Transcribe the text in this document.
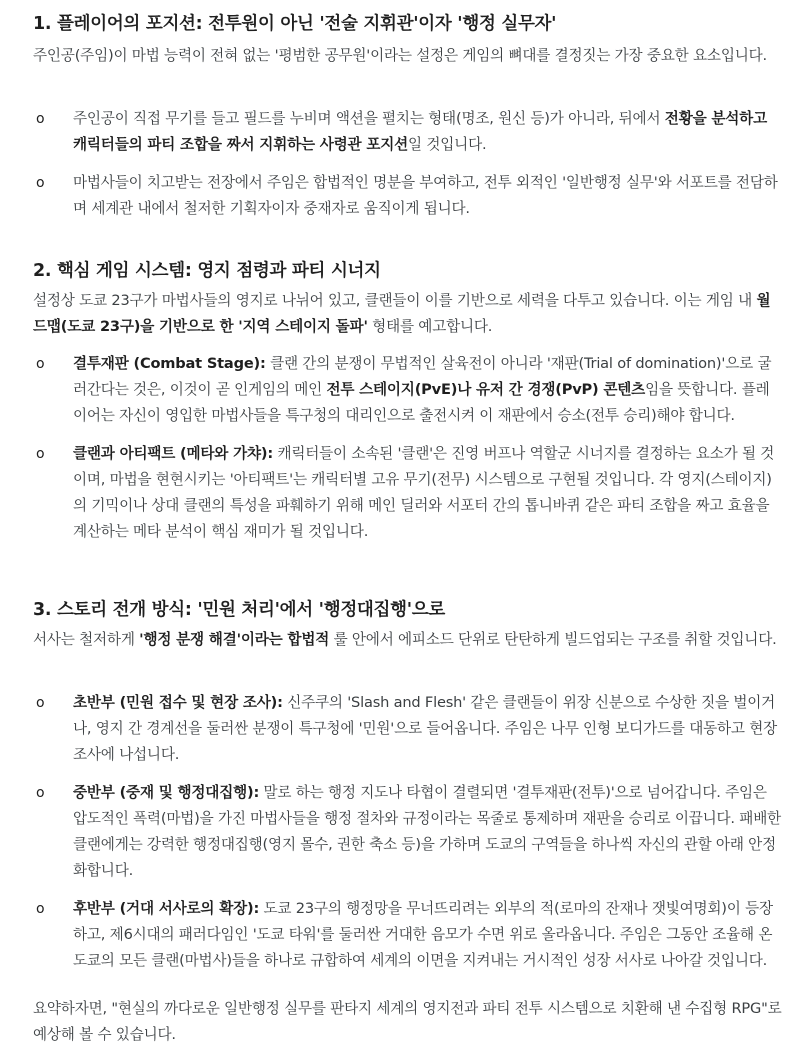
1. 플레이어의 포지션: 전투원이 아닌 '전술 지휘관'이자 '행정 실무자'

주인공(주임)이 마법 능력이 전혀 없는 '평범한 공무원'이라는 설정은 게임의 뼈대를 결정짓는 가장 중요한 요소입니다.

o	주인공이 직접 무기를 들고 필드를 누비며 액션을 펼치는 형태(명조, 원신 등)가 아니라, 뒤에서 전황을 분석하고 캐릭터들의 파티 조합을 짜서 지휘하는 사령관 포지션일 것입니다.
o	마법사들이 치고받는 전장에서 주임은 합법적인 명분을 부여하고, 전투 외적인 '일반행정 실무'와 서포트를 전담하며 세계관 내에서 철저한 기획자이자 중재자로 움직이게 됩니다.
2. 핵심 게임 시스템: 영지 점령과 파티 시너지

설정상 도쿄 23구가 마법사들의 영지로 나뉘어 있고, 클랜들이 이를 기반으로 세력을 다투고 있습니다. 이는 게임 내 월드맵(도쿄 23구)을 기반으로 한 '지역 스테이지 돌파' 형태를 예고합니다.

o	결투재판 (Combat Stage): 클랜 간의 분쟁이 무법적인 살육전이 아니라 '재판(Trial of domination)'으로 굴러간다는 것은, 이것이 곧 인게임의 메인 전투 스테이지(PvE)나 유저 간 경쟁(PvP) 콘텐츠임을 뜻합니다. 플레이어는 자신이 영입한 마법사들을 특구청의 대리인으로 출전시켜 이 재판에서 승소(전투 승리)해야 합니다.
o	클랜과 아티팩트 (메타와 가챠): 캐릭터들이 소속된 '클랜'은 진영 버프나 역할군 시너지를 결정하는 요소가 될 것이며, 마법을 현현시키는 '아티팩트'는 캐릭터별 고유 무기(전무) 시스템으로 구현될 것입니다. 각 영지(스테이지)의 기믹이나 상대 클랜의 특성을 파훼하기 위해 메인 딜러와 서포터 간의 톱니바퀴 같은 파티 조합을 짜고 효율을 계산하는 메타 분석이 핵심 재미가 될 것입니다.
3. 스토리 전개 방식: '민원 처리'에서 '행정대집행'으로

서사는 철저하게 '행정 분쟁 해결'이라는 합법적 룰 안에서 에피소드 단위로 탄탄하게 빌드업되는 구조를 취할 것입니다.

o	초반부 (민원 접수 및 현장 조사): 신주쿠의 'Slash and Flesh' 같은 클랜들이 위장 신분으로 수상한 짓을 벌이거나, 영지 간 경계선을 둘러싼 분쟁이 특구청에 '민원'으로 들어옵니다. 주임은 나무 인형 보디가드를 대동하고 현장 조사에 나섭니다.
o	중반부 (중재 및 행정대집행): 말로 하는 행정 지도나 타협이 결렬되면 '결투재판(전투)'으로 넘어갑니다. 주임은 압도적인 폭력(마법)을 가진 마법사들을 행정 절차와 규정이라는 목줄로 통제하며 재판을 승리로 이끕니다. 패배한 클랜에게는 강력한 행정대집행(영지 몰수, 권한 축소 등)을 가하며 도쿄의 구역들을 하나씩 자신의 관할 아래 안정화합니다.
o	후반부 (거대 서사로의 확장): 도쿄 23구의 행정망을 무너뜨리려는 외부의 적(로마의 잔재나 잿빛여명회)이 등장하고, 제6시대의 패러다임인 '도쿄 타워'를 둘러싼 거대한 음모가 수면 위로 올라옵니다. 주임은 그동안 조율해 온 도쿄의 모든 클랜(마법사)들을 하나로 규합하여 세계의 이면을 지켜내는 거시적인 성장 서사로 나아갈 것입니다.

요약하자면, "현실의 까다로운 일반행정 실무를 판타지 세계의 영지전과 파티 전투 시스템으로 치환해 낸 수집형 RPG"로 예상해 볼 수 있습니다.
